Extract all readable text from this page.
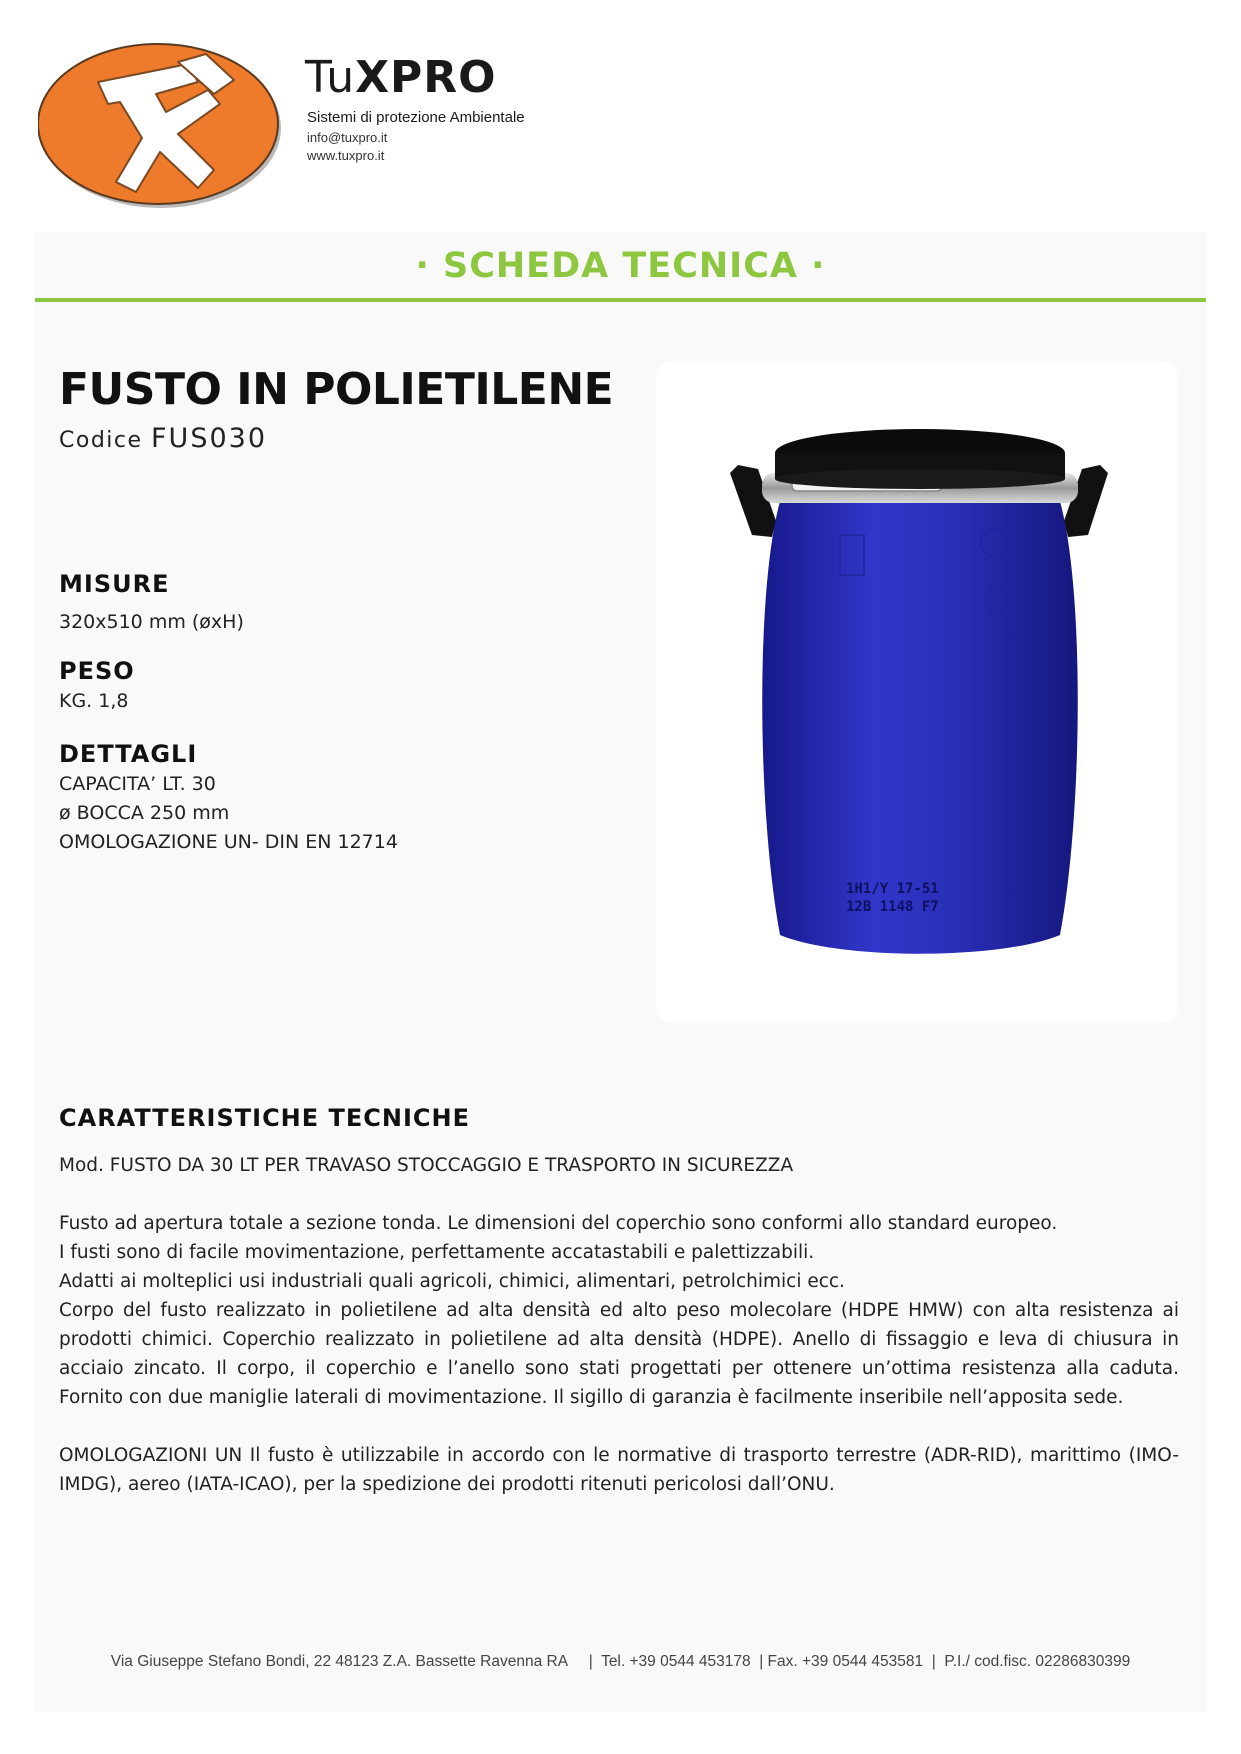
TuXPRO
Sistemi di protezione Ambientale
info@tuxpro.it
www.tuxpro.it
· SCHEDA TECNICA ·
FUSTO IN POLIETILENE
Codice FUS030
MISURE
320x510 mm (øxH)
PESO
KG. 1,8
DETTAGLI
CAPACITA’ LT. 30
ø BOCCA 250 mm
OMOLOGAZIONE UN- DIN EN 12714
1H1/Y 17-51
12B 1148 F7
CARATTERISTICHE TECNICHE

Mod. FUSTO DA 30 LT PER TRAVASO STOCCAGGIO E TRASPORTO IN SICUREZZA

Fusto ad apertura totale a sezione tonda. Le dimensioni del coperchio sono conformi allo standard europeo.

I fusti sono di facile movimentazione, perfettamente accatastabili e palettizzabili.

Adatti ai molteplici usi industriali quali agricoli, chimici, alimentari, petrolchimici ecc.

Corpo del fusto realizzato in polietilene ad alta densità ed alto peso molecolare (HDPE HMW) con alta resistenza ai prodotti chimici. Coperchio realizzato in polietilene ad alta densità (HDPE). Anello di fissaggio e leva di chiusura in acciaio zincato. Il corpo, il coperchio e l’anello sono stati progettati per ottenere un’ottima resistenza alla caduta. Fornito con due maniglie laterali di movimentazione. Il sigillo di garanzia è facilmente inseribile nell’apposita sede.

OMOLOGAZIONI UN Il fusto è utilizzabile in accordo con le normative di trasporto terrestre (ADR-RID), marittimo (IMO-IMDG), aereo (IATA-ICAO), per la spedizione dei prodotti ritenuti pericolosi dall’ONU.

Via Giuseppe Stefano Bondi, 22 48123 Z.A. Bassette Ravenna RA     |  Tel. +39 0544 453178  | Fax. +39 0544 453581  |  P.I./ cod.fisc. 02286830399
